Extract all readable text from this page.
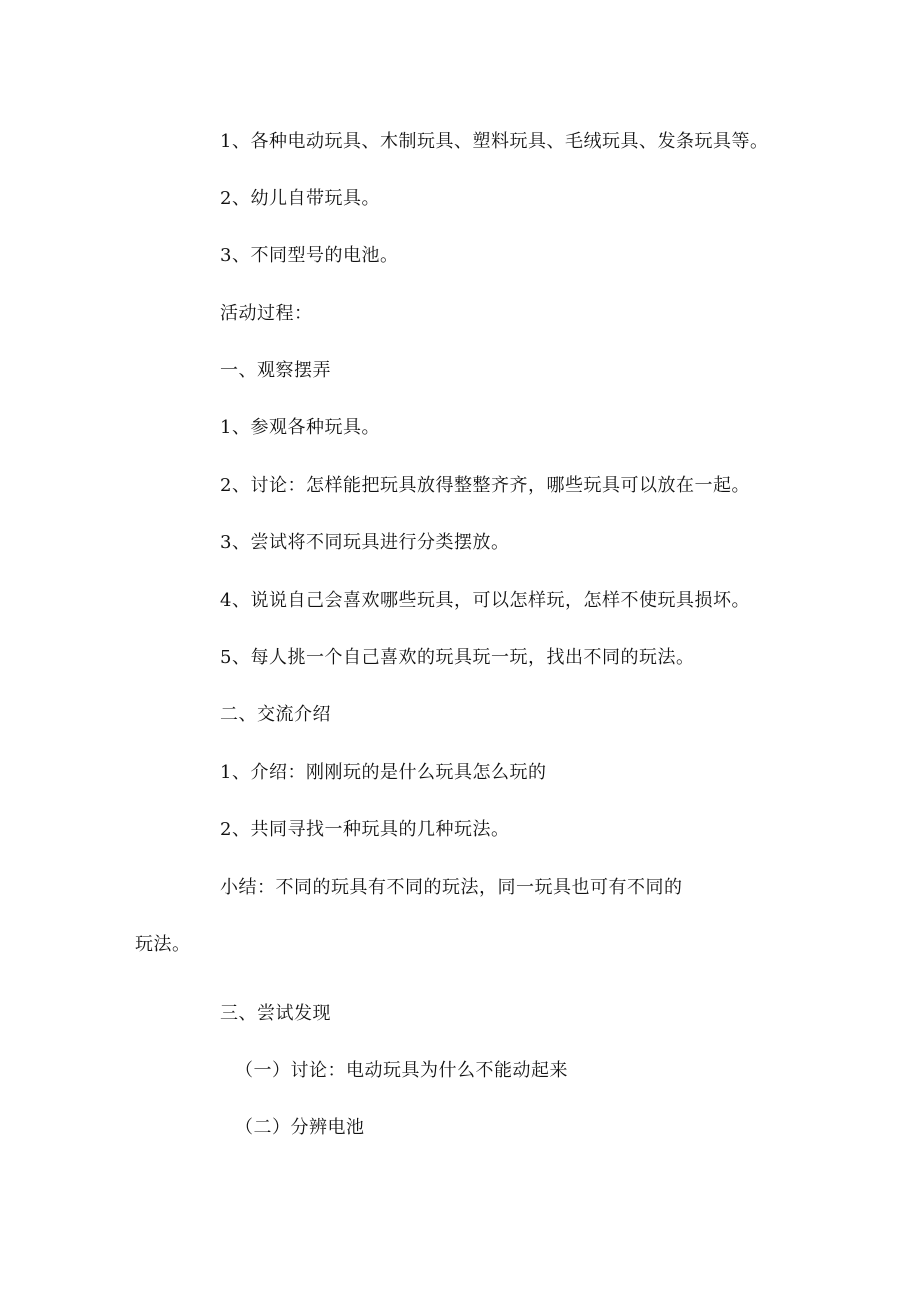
1、各种电动玩具、木制玩具、塑料玩具、毛绒玩具、发条玩具等。
2、幼儿自带玩具。
3、不同型号的电池。
活动过程：
一、观察摆弄
1、参观各种玩具。
2、讨论：怎样能把玩具放得整整齐齐，哪些玩具可以放在一起。
3、尝试将不同玩具进行分类摆放。
4、说说自己会喜欢哪些玩具，可以怎样玩，怎样不使玩具损坏。
5、每人挑一个自己喜欢的玩具玩一玩，找出不同的玩法。
二、交流介绍
1、介绍：刚刚玩的是什么玩具怎么玩的
2、共同寻找一种玩具的几种玩法。
小结：不同的玩具有不同的玩法，同一玩具也可有不同的
玩法。
三、尝试发现
（一）讨论：电动玩具为什么不能动起来
（二）分辨电池
